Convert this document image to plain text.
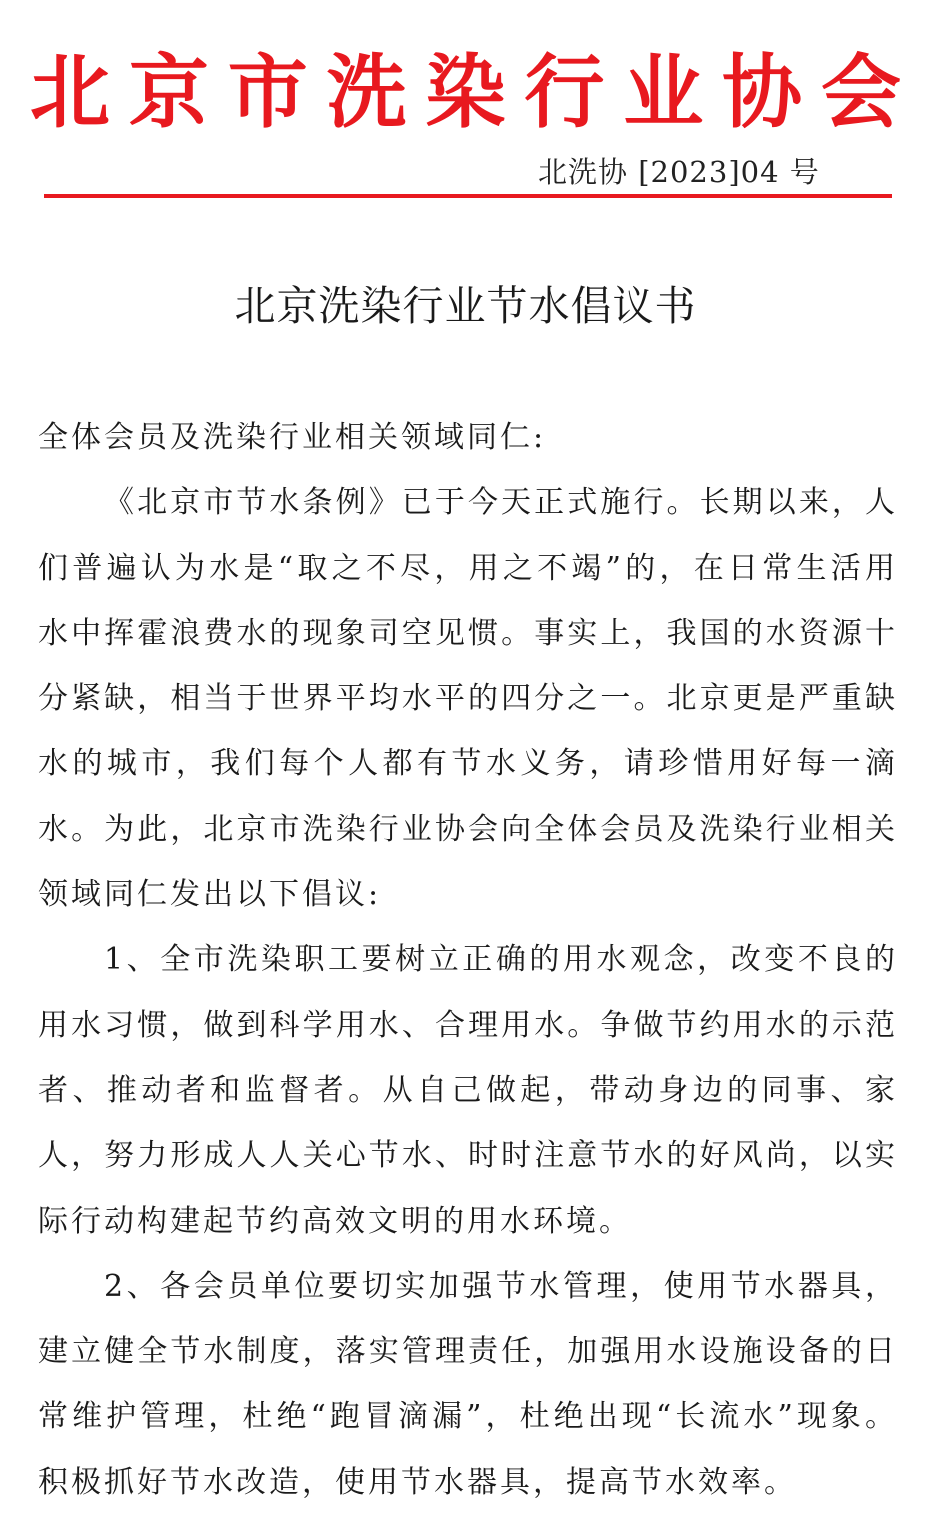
北 京 市 洗 染 行 业 协 会
北洗协 [2023]04 号
北京洗染行业节水倡议书

全体会员及洗染行业相关领域同仁:

《北京市节水条例》已于今天正式施行。长期以来，人们普遍认为水是“取之不尽，用之不竭”的，在日常生活用水中挥霍浪费水的现象司空见惯。事实上，我国的水资源十分紧缺，相当于世界平均水平的四分之一。北京更是严重缺水的城市，我们每个人都有节水义务，请珍惜用好每一滴水。为此，北京市洗染行业协会向全体会员及洗染行业相关领域同仁发出以下倡议:

1、全市洗染职工要树立正确的用水观念，改变不良的用水习惯，做到科学用水、合理用水。争做节约用水的示范者、推动者和监督者。从自己做起，带动身边的同事、家人，努力形成人人关心节水、时时注意节水的好风尚，以实际行动构建起节约高效文明的用水环境。

2、各会员单位要切实加强节水管理，使用节水器具，建立健全节水制度，落实管理责任，加强用水设施设备的日常维护管理，杜绝“跑冒滴漏”，杜绝出现“长流水”现象。积极抓好节水改造，使用节水器具，提高节水效率。
